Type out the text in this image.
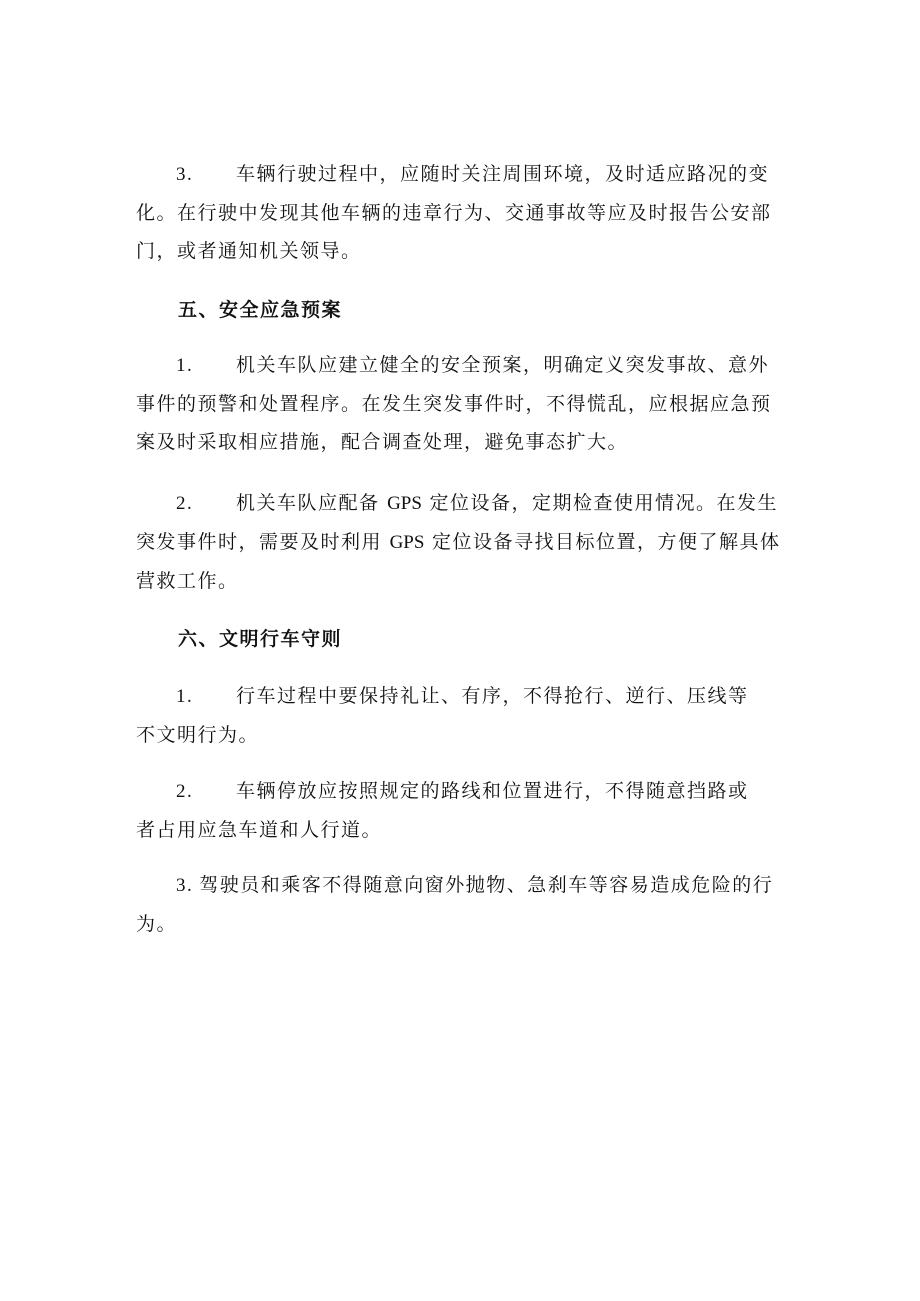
3. 车辆行驶过程中，应随时关注周围环境，及时适应路况的变化。在行驶中发现其他车辆的违章行为、交通事故等应及时报告公安部门，或者通知机关领导。

五、安全应急预案

1. 机关车队应建立健全的安全预案，明确定义突发事故、意外事件的预警和处置程序。在发生突发事件时，不得慌乱，应根据应急预案及时采取相应措施，配合调查处理，避免事态扩大。

2. 机关车队应配备 GPS 定位设备，定期检查使用情况。在发生突发事件时，需要及时利用 GPS 定位设备寻找目标位置，方便了解具体营救工作。

六、文明行车守则

1. 行车过程中要保持礼让、有序，不得抢行、逆行、压线等
不文明行为。

2. 车辆停放应按照规定的路线和位置进行，不得随意挡路或
者占用应急车道和人行道。

3. 驾驶员和乘客不得随意向窗外抛物、急刹车等容易造成危险的行为。
